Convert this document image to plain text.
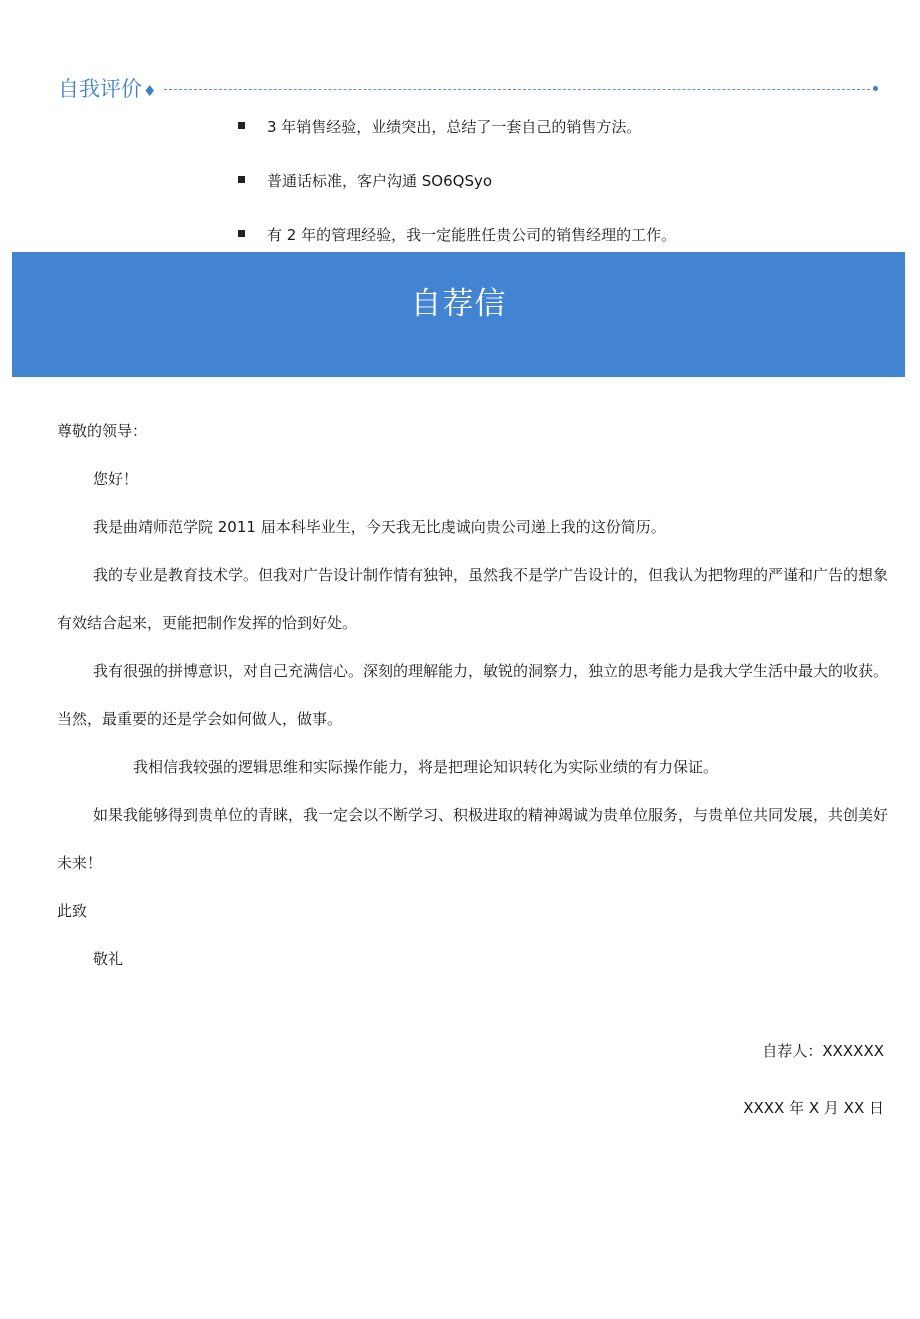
自我评价♦
3 年销售经验，业绩突出，总结了一套自己的销售方法。
普通话标准，客户沟通 SO6QSyo
有 2 年的管理经验，我一定能胜任贵公司的销售经理的工作。
自荐信

尊敬的领导：

您好！

我是曲靖师范学院 2011 届本科毕业生，今天我无比虔诚向贵公司递上我的这份简历。

我的专业是教育技术学。但我对广告设计制作情有独钟，虽然我不是学广告设计的，但我认为把物理的严谨和广告的想象有效结合起来，更能把制作发挥的恰到好处。

我有很强的拼博意识，对自己充满信心。深刻的理解能力，敏锐的洞察力，独立的思考能力是我大学生活中最大的收获。当然，最重要的还是学会如何做人，做事。

我相信我较强的逻辑思维和实际操作能力，将是把理论知识转化为实际业绩的有力保证。

如果我能够得到贵单位的青睐，我一定会以不断学习、积极进取的精神竭诚为贵单位服务，与贵单位共同发展，共创美好未来！

此致

敬礼

自荐人：XXXXXX

XXXX 年 X 月 XX 日
